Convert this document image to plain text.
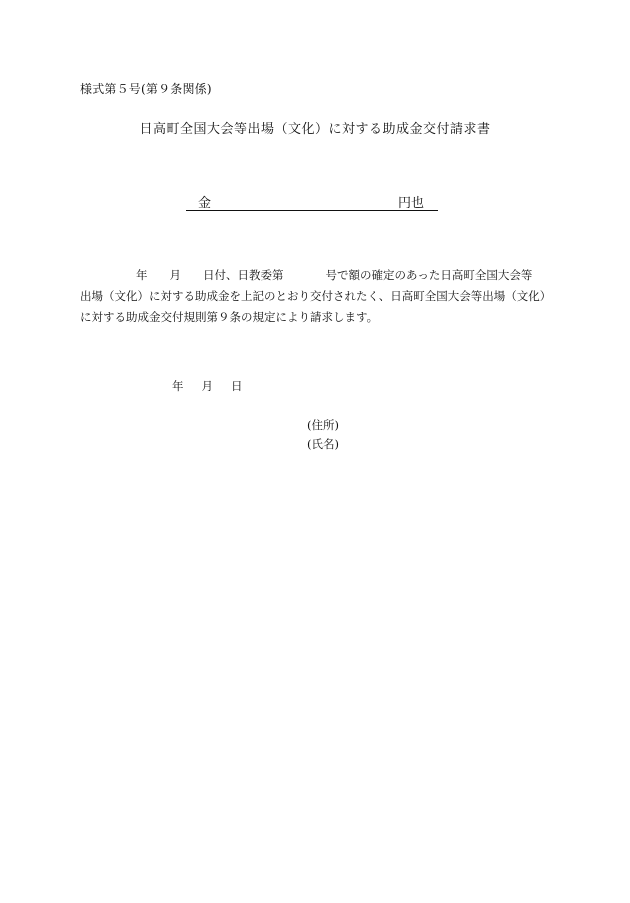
様式第５号(第９条関係)
日高町全国大会等出場（文化）に対する助成金交付請求書
金	円也
年 月 日付、日教委第	号で額の確定のあった日高町全国大会等
出場（文化）に対する助成金を上記のとおり交付されたく、日高町全国大会等出場（文化）
に対する助成金交付規則第９条の規定により請求します。
年 月 日
(住所)
(氏名)
